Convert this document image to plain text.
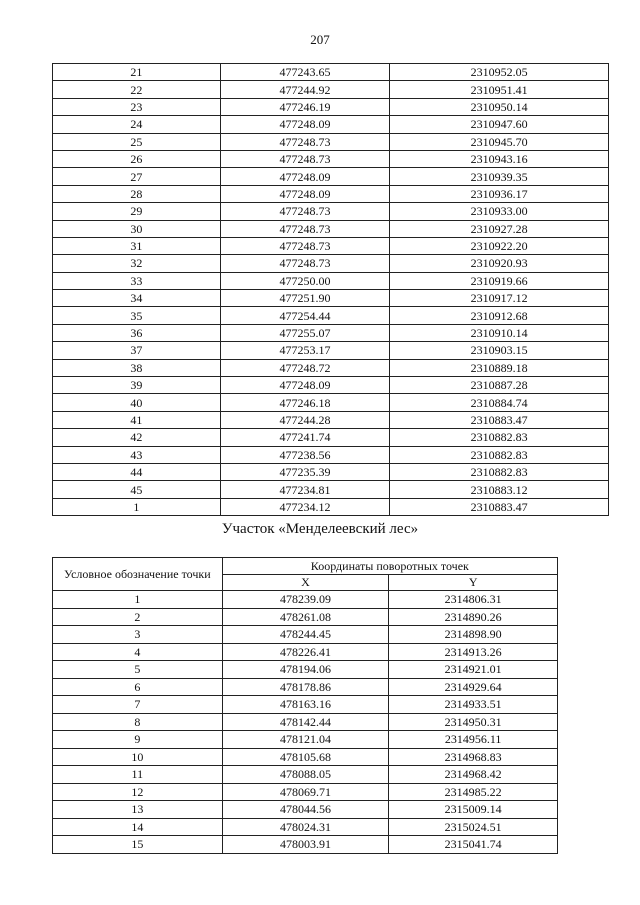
207
21	477243.65	2310952.05
22	477244.92	2310951.41
23	477246.19	2310950.14
24	477248.09	2310947.60
25	477248.73	2310945.70
26	477248.73	2310943.16
27	477248.09	2310939.35
28	477248.09	2310936.17
29	477248.73	2310933.00
30	477248.73	2310927.28
31	477248.73	2310922.20
32	477248.73	2310920.93
33	477250.00	2310919.66
34	477251.90	2310917.12
35	477254.44	2310912.68
36	477255.07	2310910.14
37	477253.17	2310903.15
38	477248.72	2310889.18
39	477248.09	2310887.28
40	477246.18	2310884.74
41	477244.28	2310883.47
42	477241.74	2310882.83
43	477238.56	2310882.83
44	477235.39	2310882.83
45	477234.81	2310883.12
1	477234.12	2310883.47
Участок «Менделеевский лес»
Условное обозначение точки	Координаты поворотных точек	
	X	Y
1	478239.09	2314806.31
2	478261.08	2314890.26
3	478244.45	2314898.90
4	478226.41	2314913.26
5	478194.06	2314921.01
6	478178.86	2314929.64
7	478163.16	2314933.51
8	478142.44	2314950.31
9	478121.04	2314956.11
10	478105.68	2314968.83
11	478088.05	2314968.42
12	478069.71	2314985.22
13	478044.56	2315009.14
14	478024.31	2315024.51
15	478003.91	2315041.74
